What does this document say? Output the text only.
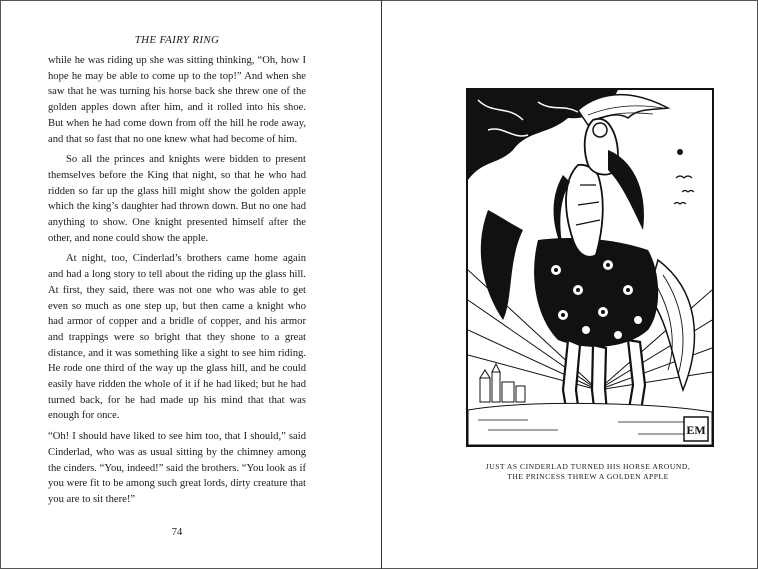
THE FAIRY RING

while he was riding up she was sitting thinking, “Oh, how I hope he may be able to come up to the top!” And when she saw that he was turning his horse back she threw one of the golden apples down after him, and it rolled into his shoe. But when he had come down from off the hill he rode away, and that so fast that no one knew what had become of him.

So all the princes and knights were bidden to present themselves before the King that night, so that he who had ridden so far up the glass hill might show the golden apple which the king’s daughter had thrown down. But no one had anything to show. One knight presented himself after the other, and none could show the apple.

At night, too, Cinderlad’s brothers came home again and had a long story to tell about the riding up the glass hill. At first, they said, there was not one who was able to get even so much as one step up, but then came a knight who had armor of copper and a bridle of copper, and his armor and trappings were so bright that they shone to a great distance, and it was something like a sight to see him riding. He rode one third of the way up the glass hill, and he could easily have ridden the whole of it if he had liked; but he had turned back, for he had made up his mind that that was enough for once.

“Oh! I should have liked to see him too, that I should,” said Cinderlad, who was as usual sitting by the chimney among the cinders. “You, indeed!” said the brothers. “You look as if you were fit to be among such great lords, dirty creature that you are to sit there!”

74
EM
JUST AS CINDERLAD TURNED HIS HORSE AROUND,
THE PRINCESS THREW A GOLDEN APPLE
